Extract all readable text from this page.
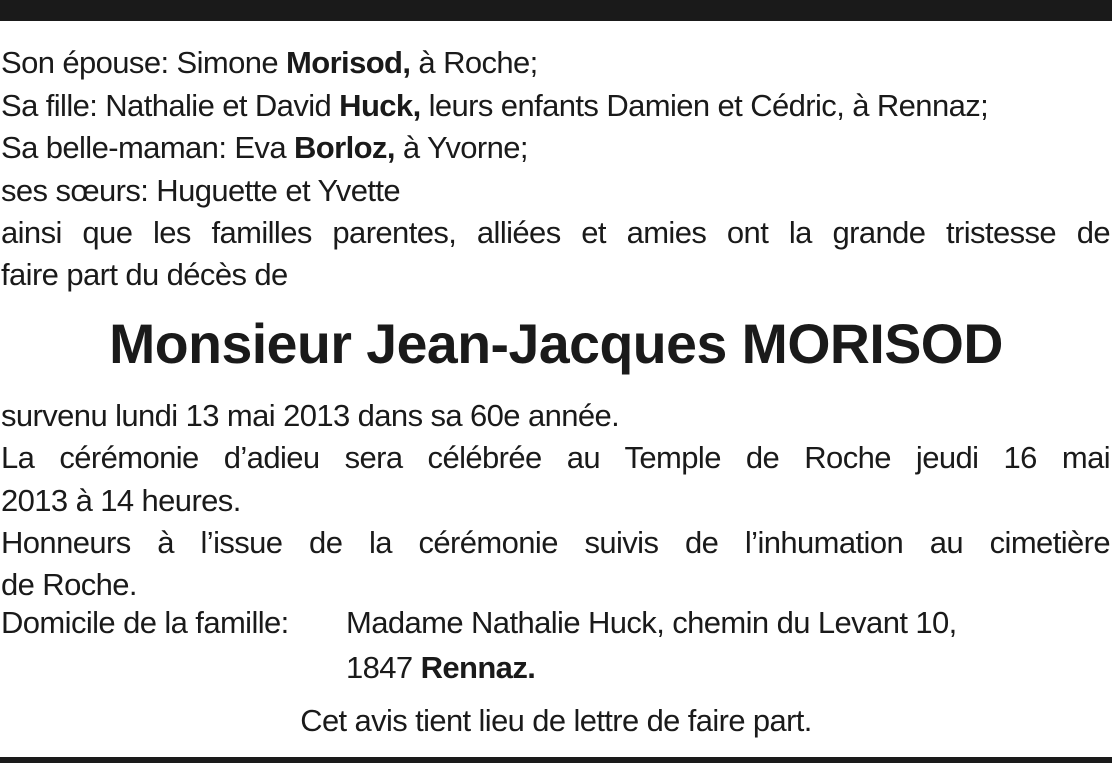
Son épouse: Simone Morisod, à Roche;
Sa fille: Nathalie et David Huck, leurs enfants Damien et Cédric, à Rennaz;
Sa belle-maman: Eva Borloz, à Yvorne;
ses sœurs: Huguette et Yvette
ainsi que les familles parentes, alliées et amies ont la grande tristesse de
faire part du décès de
Monsieur Jean-Jacques MORISOD
survenu lundi 13 mai 2013 dans sa 60e année.
La cérémonie d’adieu sera célébrée au Temple de Roche jeudi 16 mai
2013 à 14 heures.
Honneurs à l’issue de la cérémonie suivis de l’inhumation au cimetière
de Roche.
Domicile de la famille: Madame Nathalie Huck, chemin du Levant 10,
1847 Rennaz.
Cet avis tient lieu de lettre de faire part.
